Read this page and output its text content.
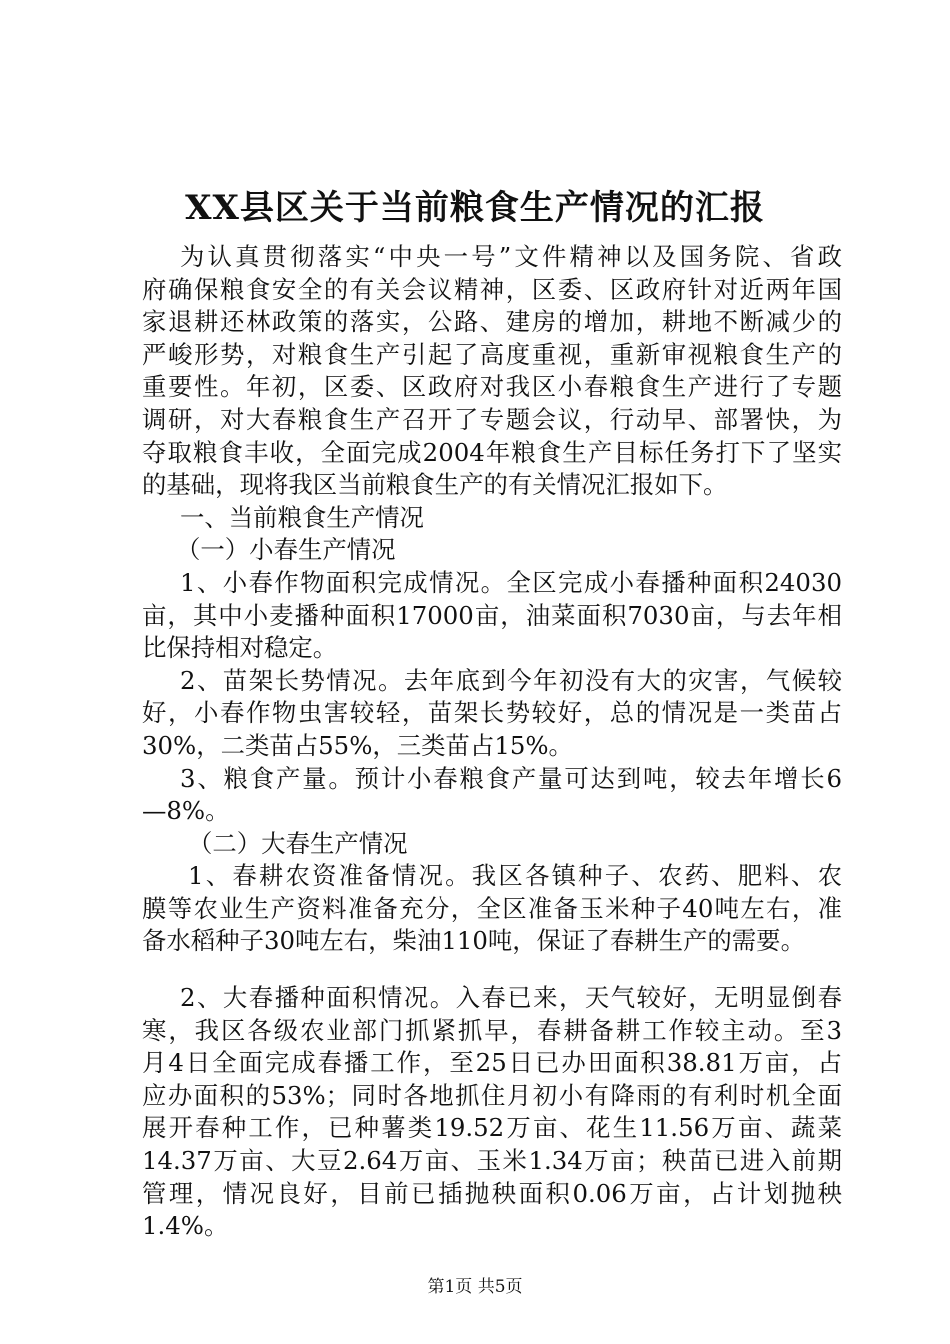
XX县区关于当前粮食生产情况的汇报
为认真贯彻落实“中央一号”文件精神以及国务院、省政
府确保粮食安全的有关会议精神，区委、区政府针对近两年国
家退耕还林政策的落实，公路、建房的增加，耕地不断减少的
严峻形势，对粮食生产引起了高度重视，重新审视粮食生产的
重要性。年初，区委、区政府对我区小春粮食生产进行了专题
调研，对大春粮食生产召开了专题会议，行动早、部署快，为
夺取粮食丰收，全面完成2004年粮食生产目标任务打下了坚实
的基础，现将我区当前粮食生产的有关情况汇报如下。
一、当前粮食生产情况
（一）小春生产情况
1、小春作物面积完成情况。全区完成小春播种面积24030
亩，其中小麦播种面积17000亩，油菜面积7030亩，与去年相
比保持相对稳定。
2、苗架长势情况。去年底到今年初没有大的灾害，气候较
好，小春作物虫害较轻，苗架长势较好，总的情况是一类苗占
30%，二类苗占55%，三类苗占15%。
3、粮食产量。预计小春粮食产量可达到吨，较去年增长6
—8%。
（二）大春生产情况
1、春耕农资准备情况。我区各镇种子、农药、肥料、农
膜等农业生产资料准备充分，全区准备玉米种子40吨左右，准
备水稻种子30吨左右，柴油110吨，保证了春耕生产的需要。
2、大春播种面积情况。入春已来，天气较好，无明显倒春
寒，我区各级农业部门抓紧抓早，春耕备耕工作较主动。至3
月4日全面完成春播工作，至25日已办田面积38.81万亩，占
应办面积的53%；同时各地抓住月初小有降雨的有利时机全面
展开春种工作，已种薯类19.52万亩、花生11.56万亩、蔬菜
14.37万亩、大豆2.64万亩、玉米1.34万亩；秧苗已进入前期
管理，情况良好，目前已插抛秧面积0.06万亩，占计划抛秧
1.4%。
第1页 共5页
